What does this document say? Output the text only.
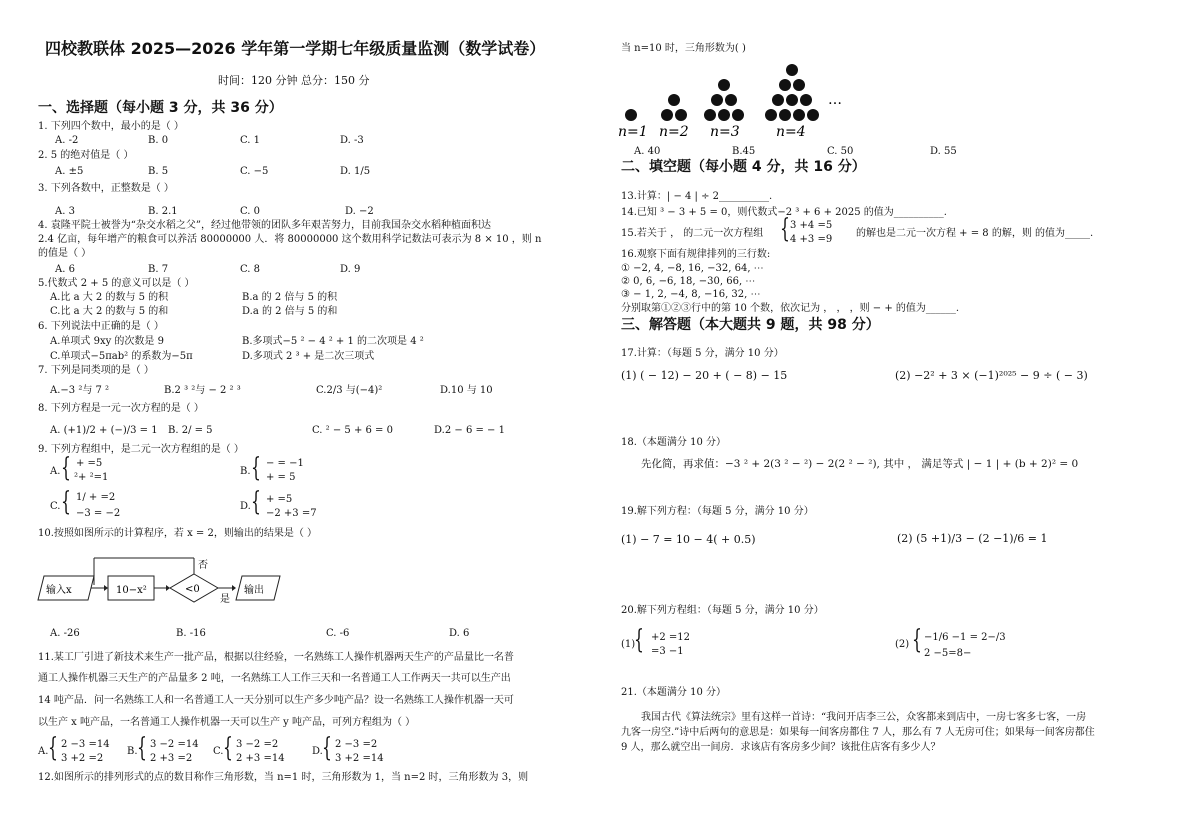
四校教联体 2025—2026 学年第一学期七年级质量监测（数学试卷）
时间：120 分钟 总分：150 分
一、选择题（每小题 3 分，共 36 分）
1. 下列四个数中，最小的是（ ）
A. -2	B. 0	C. 1	D. -3
2. 5 的绝对值是（ ）
A. ±5	B. 5	C. −5	D. 1/5
3. 下列各数中，正整数是（ ）
A. 3	B. 2.1	C. 0	D. −2
4. 袁隆平院士被誉为“杂交水稻之父”，经过他带领的团队多年艰苦努力，目前我国杂交水稻种植面积达
2.4 亿亩，每年增产的粮食可以养活 80000000 人．将 80000000 这个数用科学记数法可表示为 8 × 10 ，则 n
的值是（ ）
A. 6	B. 7	C. 8	D. 9
5.代数式 2 + 5 的意义可以是（ ）
A.比 a 大 2 的数与 5 的积	B.a 的 2 倍与 5 的积
C.比 a 大 2 的数与 5 的和	D.a 的 2 倍与 5 的和
6. 下列说法中正确的是（ ）
A.单项式 9xy 的次数是 9	B.多项式−5 ² − 4 ² + 1 的二次项是 4 ²
C.单项式−5πab² 的系数为−5π	D.多项式 2 ³ + 是二次三项式
7. 下列是同类项的是（ ）
A.−3 ²与 7 ²	B.2 ³ ²与 − 2 ² ³	C.2/3 与(−4)²	D.10 与 10
8. 下列方程是一元一次方程的是（ ）
A. (+1)/2 + (−)/3 = 1 B. 2/ = 5	C. ² − 5 + 6 = 0	D.2 − 6 = − 1
9. 下列方程组中，是二元一次方程组的是（ ）
A. { + =5
²+ ²=1
B. { − = −1
+ = 5
C. { 1/ + =2
−3 = −2
D. { + =5
−2 +3 =7
10.按照如图所示的计算程序，若 x = 2，则输出的结果是（ ）
输入x	10−x²	<0
否
是
输出
A. -26	B. -16	C. -6	D. 6
11.某工厂引进了新技术来生产一批产品，根据以往经验，一名熟练工人操作机器两天生产的产品量比一名普
通工人操作机器三天生产的产品量多 2 吨，一名熟练工人工作三天和一名普通工人工作两天一共可以生产出
14 吨产品．问一名熟练工人和一名普通工人一天分别可以生产多少吨产品？设一名熟练工人操作机器一天可
以生产 x 吨产品，一名普通工人操作机器一天可以生产 y 吨产品，可列方程组为（ ）
A. { 2 −3 =14
3 +2 =2
B. { 3 −2 =14
2 +3 =2
C. { 3 −2 =2
2 +3 =14
D. { 2 −3 =2
3 +2 =14
12.如图所示的排列形式的点的数目称作三角形数，当 n=1 时，三角形数为 1，当 n=2 时，三角形数为 3，则
当 n=10 时，三角形数为( )
…
n=1 n=2 n=3	n=4
A. 40	B.45	C. 50	D. 55
二、填空题（每小题 4 分，共 16 分）
13.计算：| − 4 | ÷ 2__________.
14.已知 ³ − 3 + 5 = 0，则代数式−2 ³ + 6 + 2025 的值为__________.
15.若关于 ， 的二元一次方程组 { 3 +4 =5
4 +3 =9
的解也是二元一次方程 + = 8 的解，则 的值为_____.
16.观察下面有规律排列的三行数:
① −2, 4, −8, 16, −32, 64, ⋯
② 0, 6, −6, 18, −30, 66, ⋯
③ − 1, 2, −4, 8, −16, 32, ⋯
分别取第①②③行中的第 10 个数，依次记为 ， ， ，则 − + 的值为______.
三、解答题（本大题共 9 题，共 98 分）
17.计算：（每题 5 分，满分 10 分）
(1) ( − 12) − 20 + ( − 8) − 15	(2) −2² + 3 × (−1)²⁰²⁵ − 9 ÷ ( − 3)
18.（本题满分 10 分）
先化简，再求值：−3 ² + 2(3 ² − ²) − 2(2 ² − ²), 其中 ， 满足等式 | − 1 | + (b + 2)² = 0
19.解下列方程：（每题 5 分，满分 10 分）
(1) − 7 = 10 − 4( + 0.5)	(2) (5 +1)/3 − (2 −1)/6 = 1
20.解下列方程组：（每题 5 分，满分 10 分）
(1)
{ +2 =12
=3 −1
(2) { −1/6 −1 = 2−/3
2 −5=8−
21.（本题满分 10 分）
我国古代《算法统宗》里有这样一首诗：“我问开店李三公，众客都来到店中，一房七客多七客，一房
九客一房空.”诗中后两句的意思是：如果每一间客房都住 7 人，那么有 7 人无房可住；如果每一间客房都住
9 人，那么就空出一间房．求该店有客房多少间？该批住店客有多少人？
